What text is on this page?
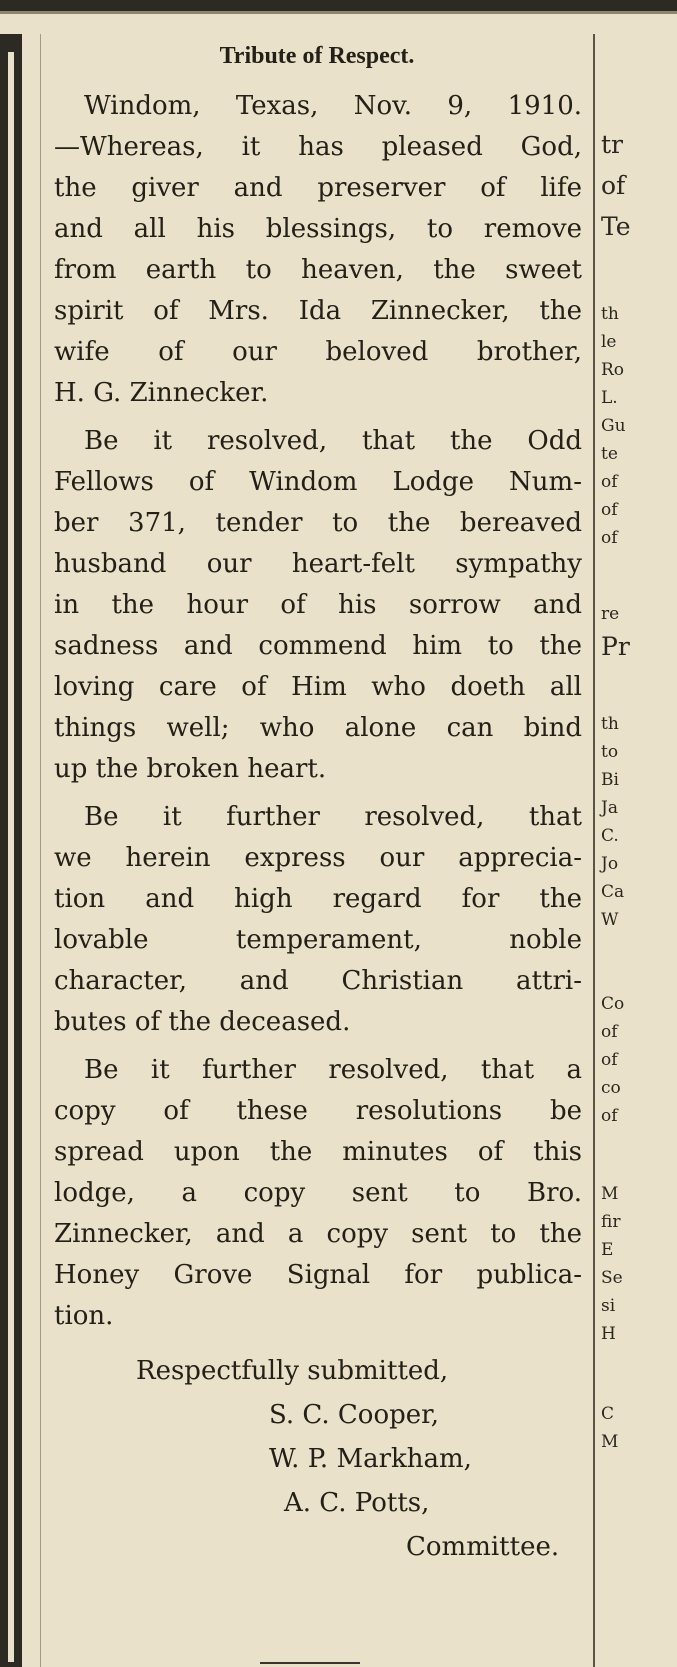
Tribute of Respect.
Windom, Texas, Nov. 9, 1910.
—Whereas, it has pleased God,
the giver and preserver of life
and all his blessings, to remove
from earth to heaven, the sweet
spirit of Mrs. Ida Zinnecker, the
wife of our beloved brother,
H. G. Zinnecker.
Be it resolved, that the Odd
Fellows of Windom Lodge Num-
ber 371, tender to the bereaved
husband our heart-felt sympathy
in the hour of his sorrow and
sadness and commend him to the
loving care of Him who doeth all
things well; who alone can bind
up the broken heart.
Be it further resolved, that
we herein express our apprecia-
tion and high regard for the
lovable temperament, noble
character, and Christian attri-
butes of the deceased.
Be it further resolved, that a
copy of these resolutions be
spread upon the minutes of this
lodge, a copy sent to Bro.
Zinnecker, and a copy sent to the
Honey Grove Signal for publica-
tion.
Respectfully submitted,
S. C. Cooper,
W. P. Markham,
A. C. Potts,
Committee.
tr
of
Te
th
le
Ro
L.
Gu
te
of
of
of
re
Pr
th
to
Bi
Ja
C.
Jo
Ca
W
Co
of
of
co
of
M
fir
E
Se
si
H
C
M
